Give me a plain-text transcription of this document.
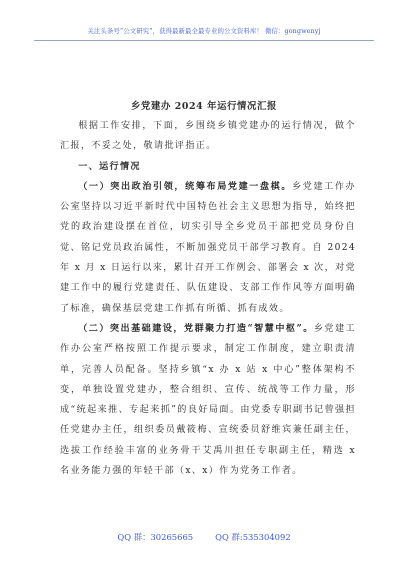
关注头条号“公文研究”，获得最新最全最专业的公文资料库！ 微信：gongwenyj
乡党建办 2024 年运行情况汇报

根据工作安排，下面，乡围绕乡镇党建办的运行情况，做个汇报，不妥之处，敬请批评指正。

一、运行情况

（一）突出政治引领，统筹布局党建一盘棋。乡党建工作办公室坚持以习近平新时代中国特色社会主义思想为指导，始终把党的政治建设摆在首位，切实引导全乡党员干部把党员身份自觉、铭记党员政治属性，不断加强党员干部学习教育。自 2024 年 x 月 x 日运行以来，累计召开工作例会、部署会 x 次，对党建工作中的履行党建责任、队伍建设、支部工作作风等方面明确了标准，确保基层党建工作抓有所循、抓有成效。

（二）突出基础建设，党群聚力打造“智慧中枢”。乡党建工作办公室严格按照工作提示要求，制定工作制度，建立职责清单，完善人员配备。坚持乡镇“x 办 x 站 x 中心”整体架构不变，单独设置党建办，整合组织、宣传、统战等工作力量，形成“统起来推、专起来抓”的良好局面。由党委专职副书记曾强担任党建办主任，组织委员戴筱梅、宣统委员舒维宾兼任副主任，选拔工作经验丰富的业务骨干艾禹川担任专职副主任，精选 x 名业务能力强的年轻干部（x、x）作为党务工作者。

QQ 群：30265665	QQ 群:535304092
